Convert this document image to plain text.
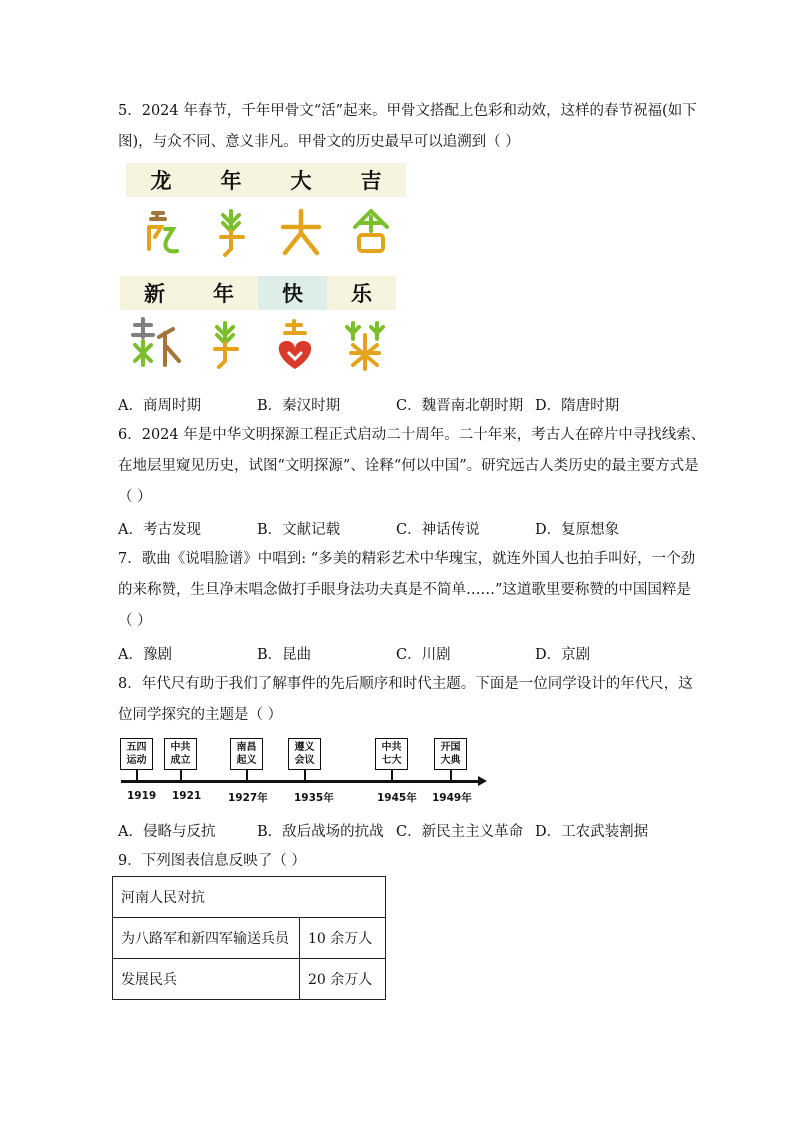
5．2024 年春节，千年甲骨文“活”起来。甲骨文搭配上色彩和动效，这样的春节祝福(如下
图)，与众不同、意义非凡。甲骨文的历史最早可以追溯到（ ）
龙	年	大	吉
新	年	快	乐
A．商周时期	B．秦汉时期	C．魏晋南北朝时期 D．隋唐时期
6．2024 年是中华文明探源工程正式启动二十周年。二十年来，考古人在碎片中寻找线索、
在地层里窥见历史，试图“文明探源”、诠释“何以中国”。研究远古人类历史的最主要方式是
（ ）
A．考古发现	B．文献记载	C．神话传说	D．复原想象
7．歌曲《说唱脸谱》中唱到: “多美的精彩艺术中华瑰宝，就连外国人也拍手叫好，一个劲
的来称赞，生旦净末唱念做打手眼身法功夫真是不简单……”这道歌里要称赞的中国国粹是
（ ）
A．豫剧	B．昆曲	C．川剧	D．京剧
8．年代尺有助于我们了解事件的先后顺序和时代主题。下面是一位同学设计的年代尺，这
位同学探究的主题是（ ）
五四
运动
中共
成立
南昌
起义
遵义
会议
中共
七大
开国
大典
1919 1921	1927年	1935年	1945年 1949年
A．侵略与反抗	B．敌后战场的抗战 C．新民主主义革命 D．工农武装割据
9．下列图表信息反映了（ ）
河南人民对抗	
为八路军和新四军输送兵员	10 余万人
发展民兵	20 余万人
